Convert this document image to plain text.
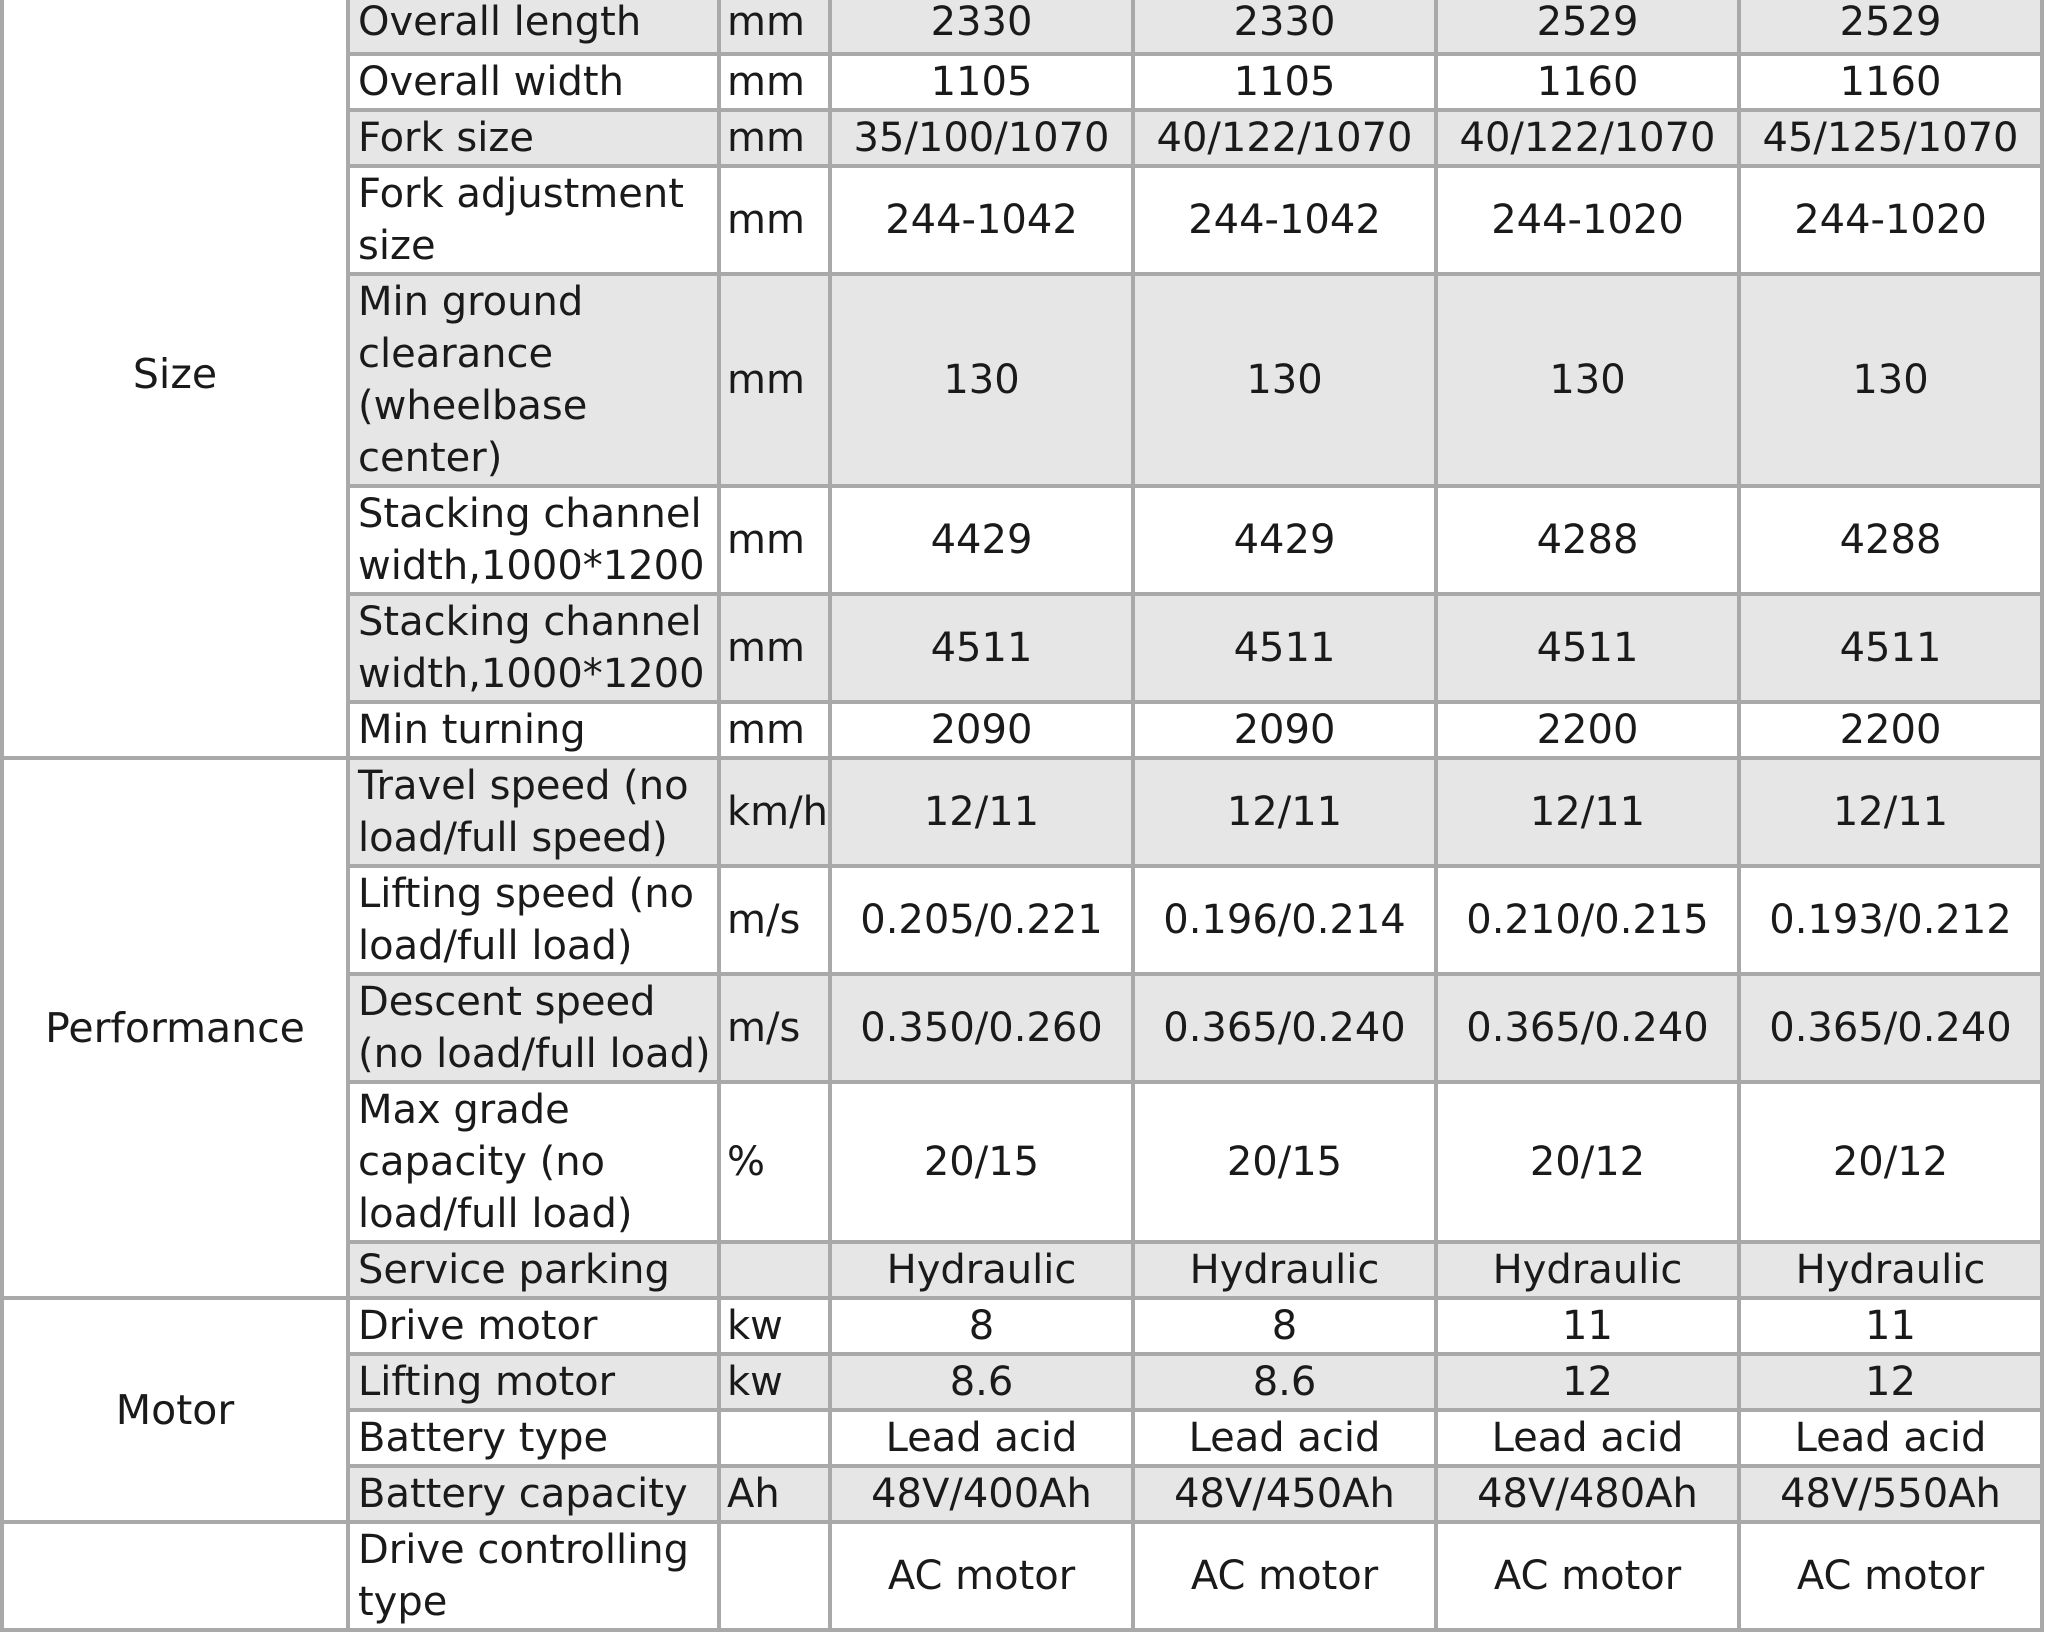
Size	Overall length	mm	2330	2330	2529	2529
	Overall width	mm	1105	1105	1160	1160
	Fork size	mm	35/100/1070	40/122/1070	40/122/1070	45/125/1070
	Fork adjustment size	mm	244-1042	244-1042	244-1020	244-1020
	Min ground clearance (wheelbase center)	mm	130	130	130	130
	Stacking channel width,1000*1200	mm	4429	4429	4288	4288
	Stacking channel width,1000*1200	mm	4511	4511	4511	4511
	Min turning	mm	2090	2090	2200	2200
Performance	Travel speed (no load/full speed)	km/h	12/11	12/11	12/11	12/11
	Lifting speed (no load/full load)	m/s	0.205/0.221	0.196/0.214	0.210/0.215	0.193/0.212
	Descent speed (no load/full load)	m/s	0.350/0.260	0.365/0.240	0.365/0.240	0.365/0.240
	Max grade capacity (no load/full load)	%	20/15	20/15	20/12	20/12
	Service parking		Hydraulic	Hydraulic	Hydraulic	Hydraulic
Motor	Drive motor	kw	8	8	11	11
	Lifting motor	kw	8.6	8.6	12	12
	Battery type		Lead acid	Lead acid	Lead acid	Lead acid
	Battery capacity	Ah	48V/400Ah	48V/450Ah	48V/480Ah	48V/550Ah
	Drive controlling type		AC motor	AC motor	AC motor	AC motor
